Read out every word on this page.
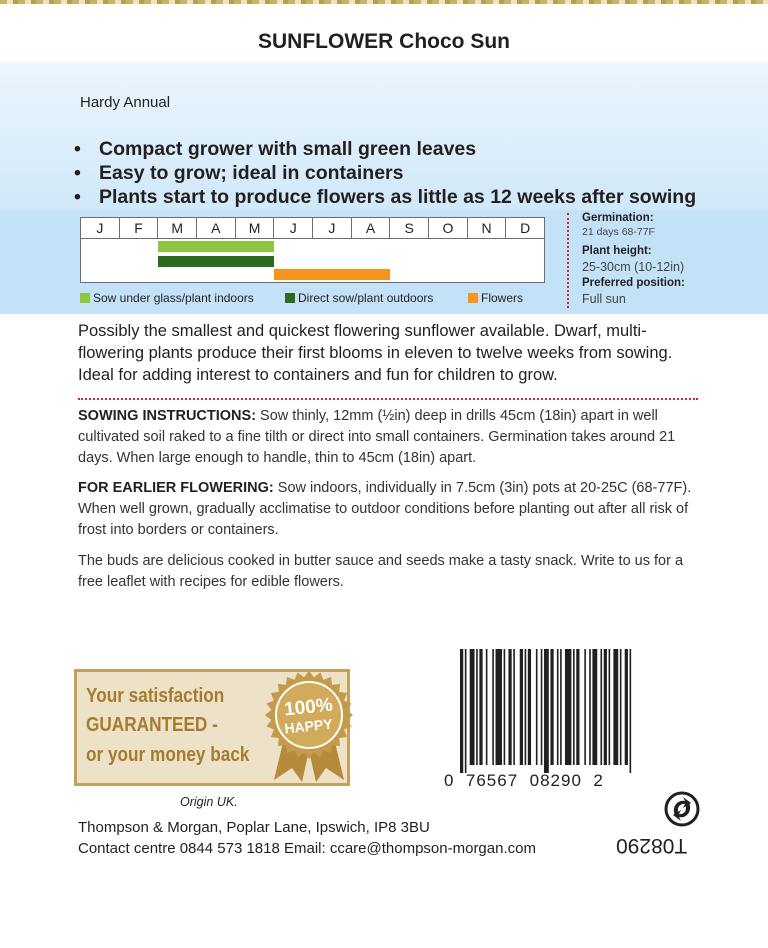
SUNFLOWER Choco Sun
Hardy Annual
• Compact grower with small green leaves
• Easy to grow; ideal in containers
• Plants start to produce flowers as little as 12 weeks after sowing
J	F	M	A	M	J	J	A	S	O	N	D
Sow under glass/plant indoors	Direct sow/plant outdoors	Flowers
Germination:
21 days 68-77F
Plant height:
25-30cm (10-12in)
Preferred position:
Full sun
Possibly the smallest and quickest flowering sunflower available. Dwarf, multi-flowering plants produce their first blooms in eleven to twelve weeks from sowing. Ideal for adding interest to containers and fun for children to grow.
SOWING INSTRUCTIONS: Sow thinly, 12mm (½in) deep in drills 45cm (18in) apart in well cultivated soil raked to a fine tilth or direct into small containers. Germination takes around 21 days. When large enough to handle, thin to 45cm (18in) apart.
FOR EARLIER FLOWERING: Sow indoors, individually in 7.5cm (3in) pots at 20-25C (68-77F). When well grown, gradually acclimatise to outdoor conditions before planting out after all risk of frost into borders or containers.
The buds are delicious cooked in butter sauce and seeds make a tasty snack. Write to us for a free leaflet with recipes for edible flowers.
Your satisfaction
GUARANTEED -
or your money back
100%
HAPPY
Origin UK.
Thompson & Morgan, Poplar Lane, Ipswich, IP8 3BU
Contact centre 0844 573 1818 Email: ccare@thompson-morgan.com
0  76567  08290  2
T08290
